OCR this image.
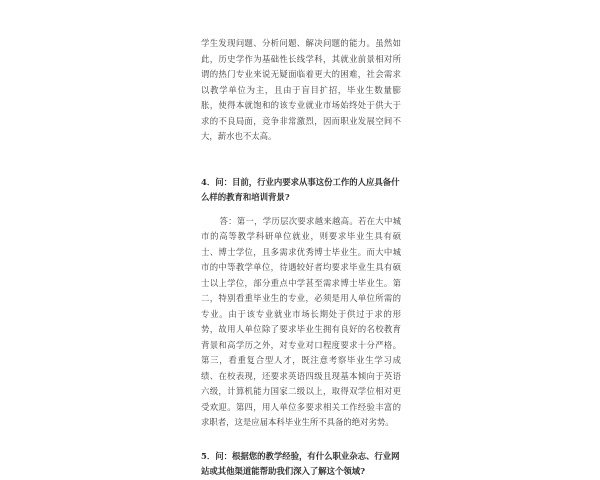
学生发现问题、分析问题、解决问题的能力。虽然如此，历史学作为基础性长线学科，其就业前景相对所谓的热门专业来说无疑面临着更大的困难，社会需求以教学单位为主，且由于盲目扩招，毕业生数量膨胀，使得本就饱和的该专业就业市场始终处于供大于求的不良局面，竞争非常激烈，因而职业发展空间不大，薪水也不太高。

4．问：目前，行业内要求从事这份工作的人应具备什么样的教育和培训背景?

答：第一，学历层次要求越来越高。若在大中城市的高等教学科研单位就业，则要求毕业生具有硕士、博士学位，且多需求优秀博士毕业生。而大中城市的中等教学单位，待遇较好者均要求毕业生具有硕士以上学位，部分重点中学甚至需求博士毕业生。第二，特别看重毕业生的专业，必须是用人单位所需的专业。由于该专业就业市场长期处于供过于求的形势，故用人单位除了要求毕业生拥有良好的名校教育背景和高学历之外，对专业对口程度要求十分严格。第三，看重复合型人才，既注意考察毕业生学习成绩、在校表现，还要求英语四级且现基本倾向于英语六级，计算机能力国家二级以上，取得双学位相对更受欢迎。第四，用人单位多要求相关工作经验丰富的求职者，这是应届本科毕业生所不具备的绝对劣势。

5．问：根据您的教学经验，有什么职业杂志、行业网站或其他渠道能帮助我们深入了解这个领域?
